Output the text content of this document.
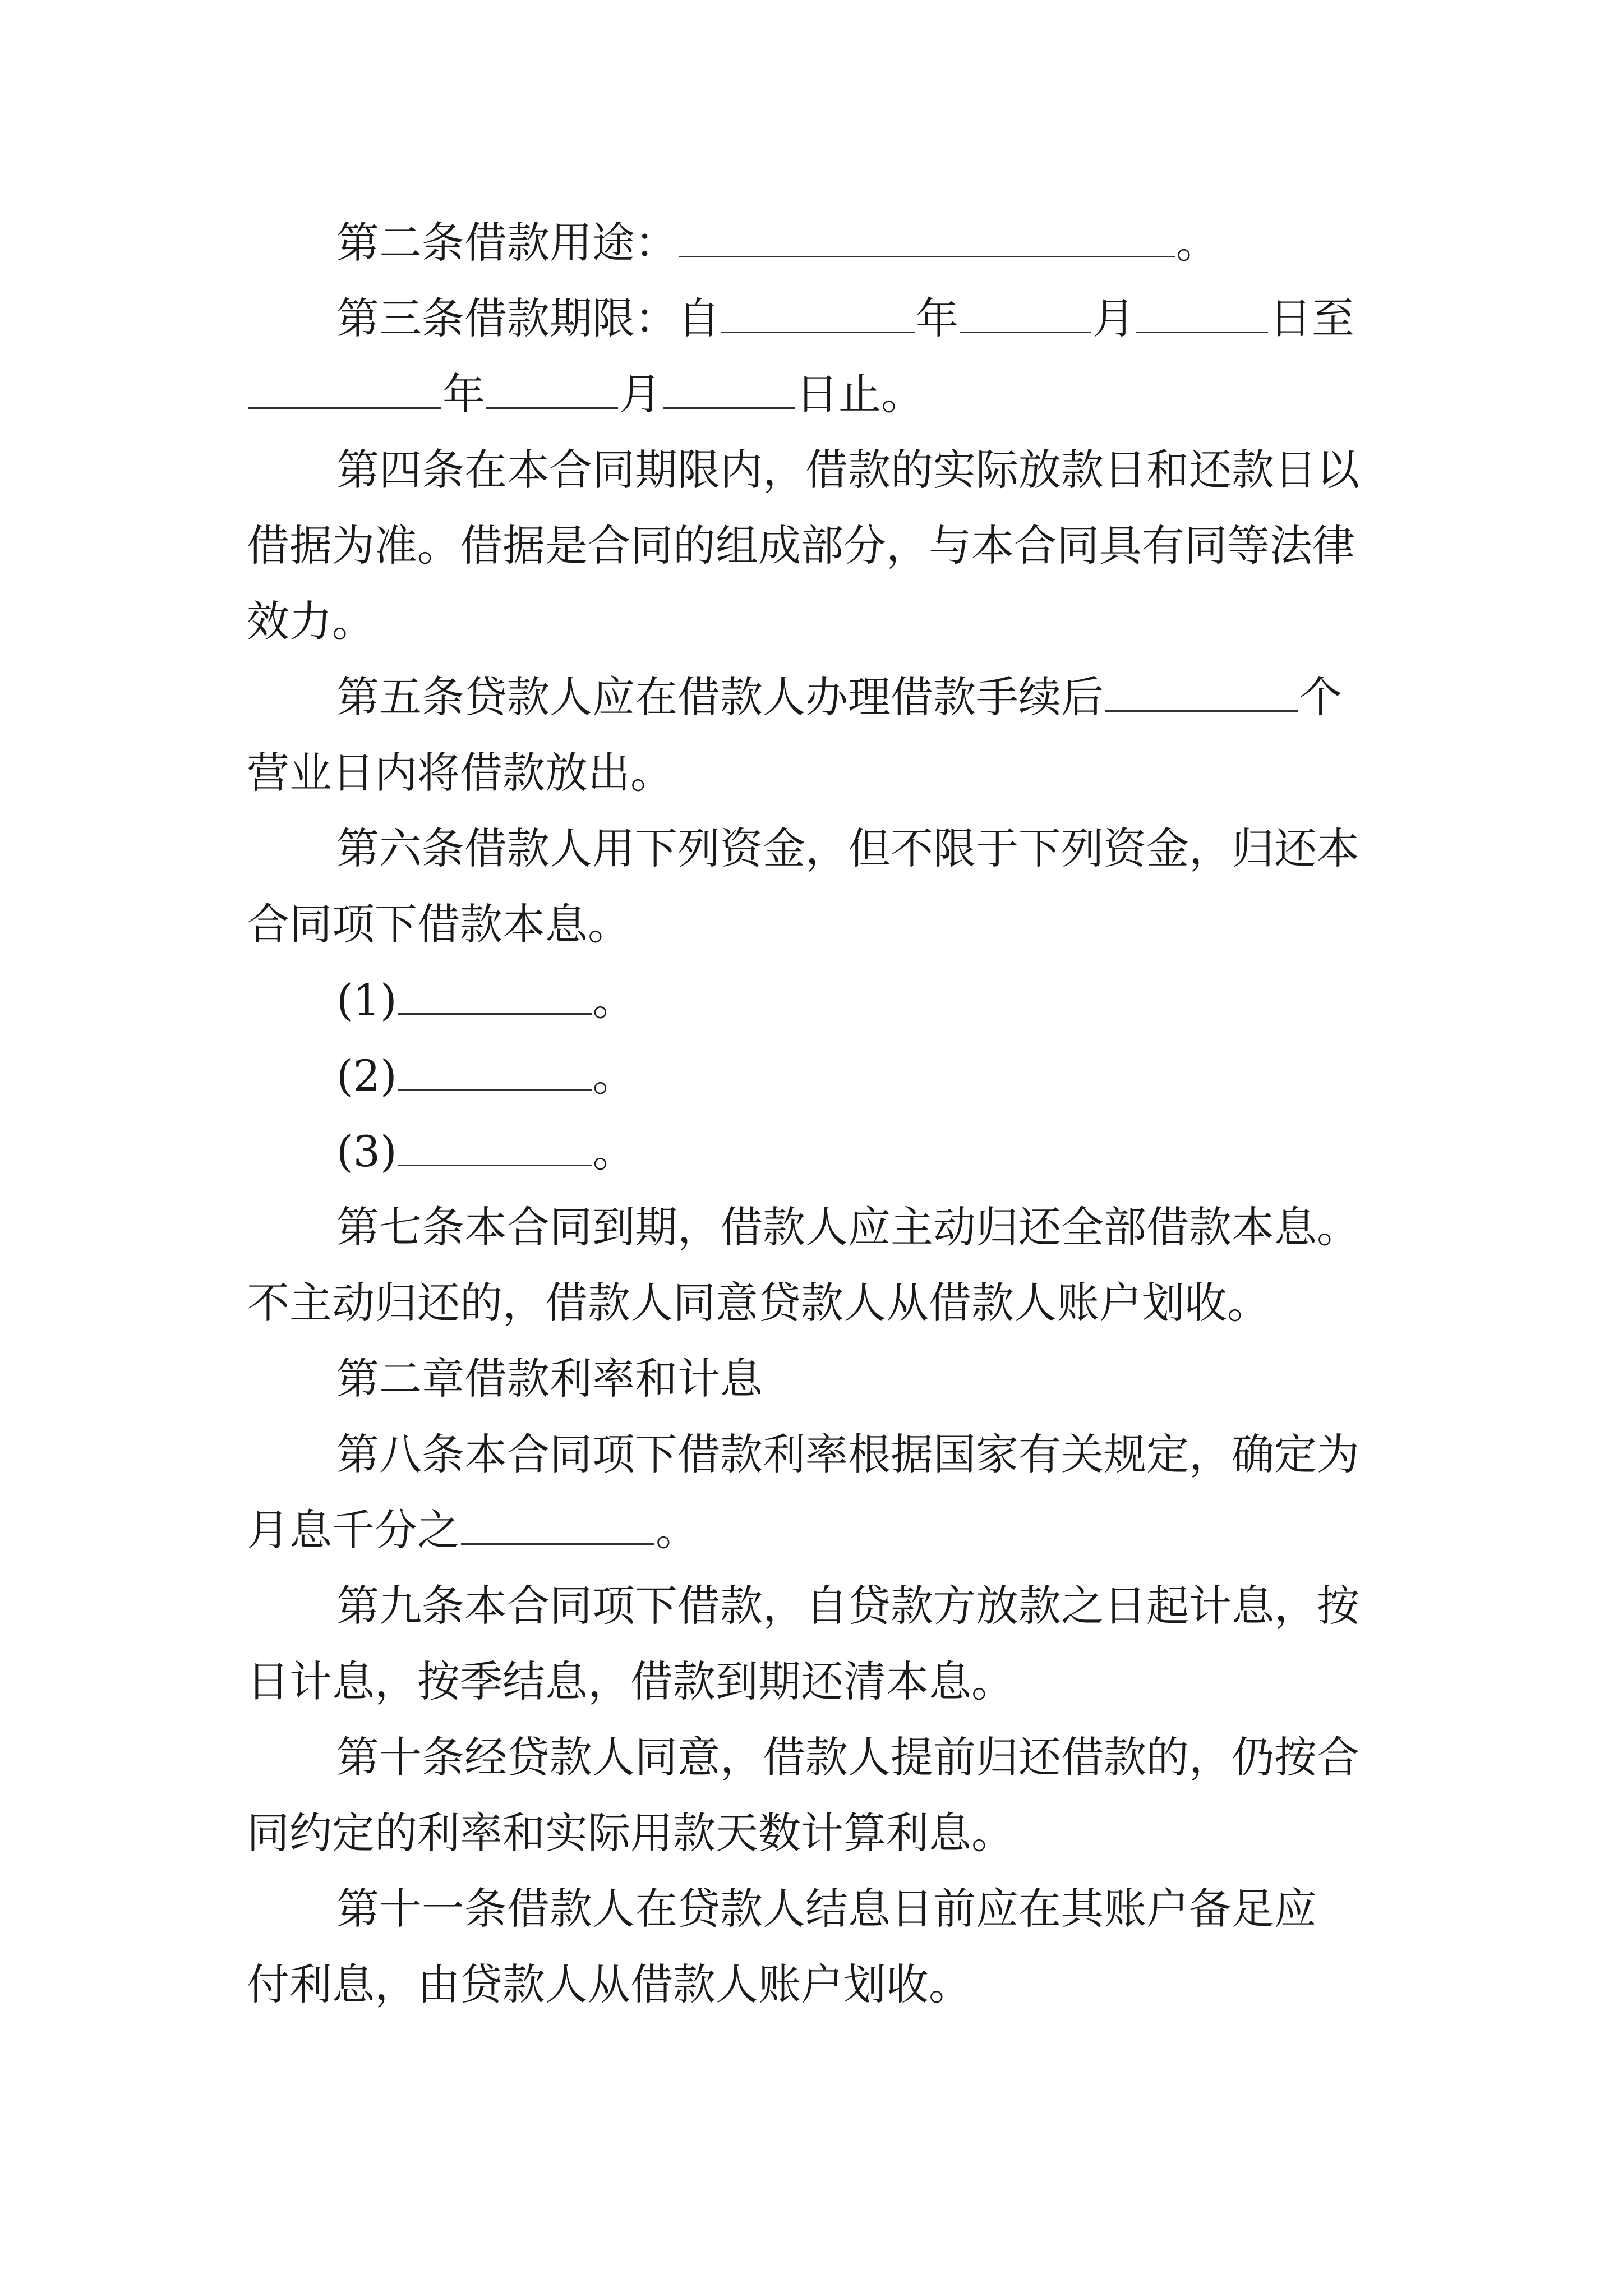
第二条借款用途：	。
第三条借款期限：自	年	月	日至
年	月	日止。
第四条在本合同期限内，借款的实际放款日和还款日以
借据为准。借据是合同的组成部分，与本合同具有同等法律
效力。
第五条贷款人应在借款人办理借款手续后	个
营业日内将借款放出。
第六条借款人用下列资金，但不限于下列资金，归还本
合同项下借款本息。
(1)	。
(2)	。
(3)	。
第七条本合同到期，借款人应主动归还全部借款本息。
不主动归还的，借款人同意贷款人从借款人账户划收。
第二章借款利率和计息
第八条本合同项下借款利率根据国家有关规定，确定为
月息千分之	。
第九条本合同项下借款，自贷款方放款之日起计息，按
日计息，按季结息，借款到期还清本息。
第十条经贷款人同意，借款人提前归还借款的，仍按合
同约定的利率和实际用款天数计算利息。
第十一条借款人在贷款人结息日前应在其账户备足应
付利息，由贷款人从借款人账户划收。
